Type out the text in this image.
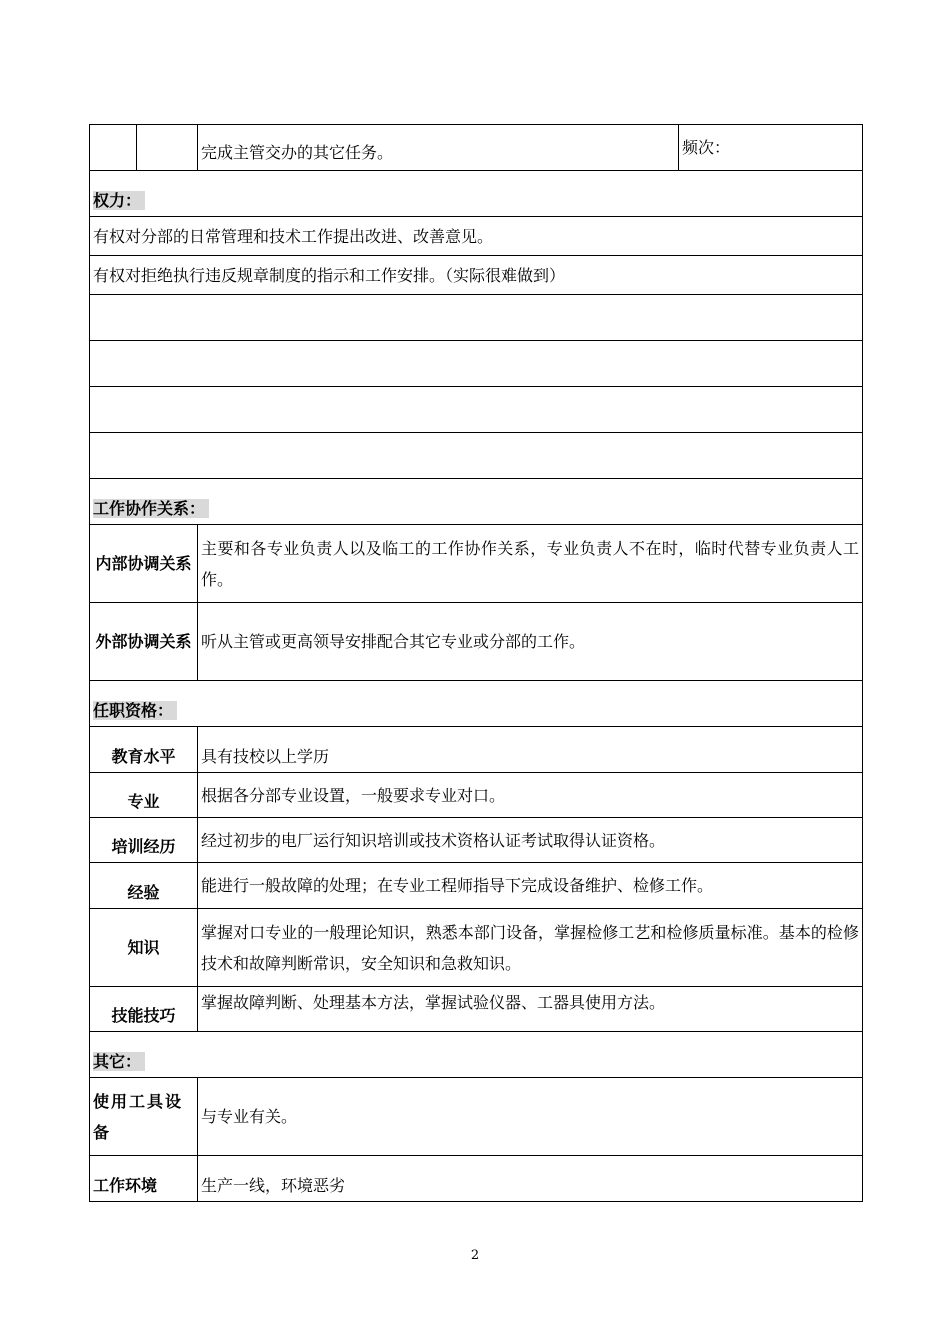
		完成主管交办的其它任务。	频次：
权力：			
有权对分部的日常管理和技术工作提出改进、改善意见。			
有权对拒绝执行违反规章制度的指示和工作安排。（实际很难做到）			

工作协作关系：			
内部协调关系		主要和各专业负责人以及临工的工作协作关系，专业负责人不在时，临时代替专业负责人工作。	
外部协调关系		听从主管或更高领导安排配合其它专业或分部的工作。	
任职资格：			
教育水平		具有技校以上学历	
专业		根据各分部专业设置，一般要求专业对口。	
培训经历		经过初步的电厂运行知识培训或技术资格认证考试取得认证资格。	
经验		能进行一般故障的处理；在专业工程师指导下完成设备维护、检修工作。	
知识		掌握对口专业的一般理论知识，熟悉本部门设备，掌握检修工艺和检修质量标准。基本的检修技术和故障判断常识，安全知识和急救知识。	
技能技巧		掌握故障判断、处理基本方法，掌握试验仪器、工器具使用方法。	
其它：			
使用工具设备		与专业有关。	
工作环境		生产一线，环境恶劣	
2
